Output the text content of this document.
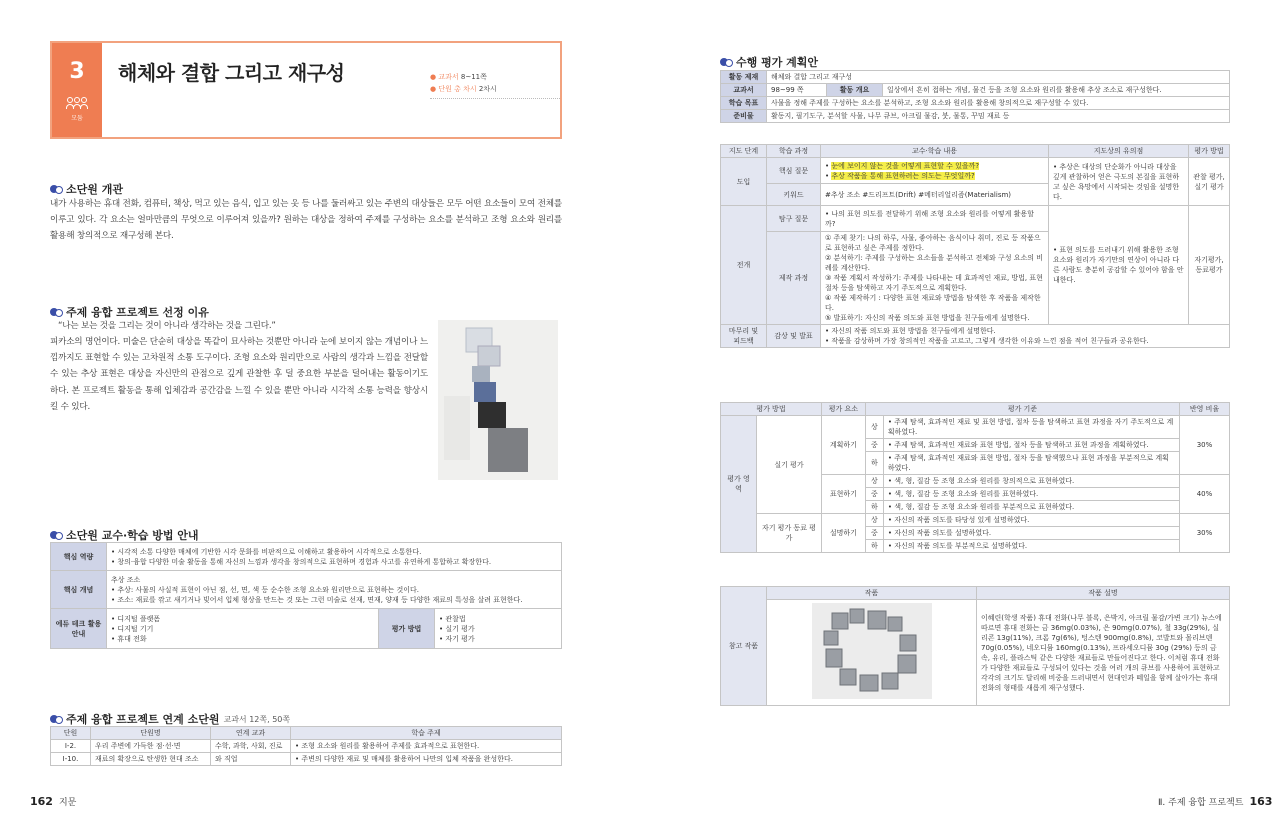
3
모둠
해체와 결합 그리고 재구성	● 교과서 8~11쪽
● 단원 총 차시 2차시
소단원 개관
내가 사용하는 휴대 전화, 컴퓨터, 책상, 먹고 있는 음식, 입고 있는 옷 등 나를 둘러싸고 있는 주변의 대상들은 모두 어떤 요소들이 모여 전체를 이루고 있다. 각 요소는 얼마만큼의 무엇으로 이루어져 있을까? 원하는 대상을 정하여 주제를 구성하는 요소를 분석하고 조형 요소와 원리를 활용해 창의적으로 재구성해 본다.
주제 융합 프로젝트 선정 이유
“나는 보는 것을 그리는 것이 아니라 생각하는 것을 그린다.”
피카소의 명언이다. 미술은 단순히 대상을 똑같이 묘사하는 것뿐만 아니라 눈에 보이지 않는 개념이나 느낌까지도 표현할 수 있는 고차원적 소통 도구이다. 조형 요소와 원리만으로 사람의 생각과 느낌을 전달할 수 있는 추상 표현은 대상을 자신만의 관점으로 깊게 관찰한 후 덜 중요한 부분을 덜어내는 활동이기도 하다. 본 프로젝트 활동을 통해 입체감과 공간감을 느낄 수 있을 뿐만 아니라 시각적 소통 능력을 향상시킬 수 있다.
소단원 교수·학습 방법 안내
핵심 역량	• 시각적 소통 다양한 매체에 기반한 시각 문화를 비판적으로 이해하고 활용하여 시각적으로 소통한다.
• 창의·융합 다양한 미술 활동을 통해 자신의 느낌과 생각을 창의적으로 표현하며 경험과 사고를 유연하게 통합하고 확장한다.		
핵심 개념	추상 조소
• 추상: 사물의 사실적 표현이 아닌 점, 선, 면, 색 등 순수한 조형 요소와 원리만으로 표현하는 것이다.
• 조소: 재료를 깎고 새기거나 빚어서 입체 형상을 만드는 것 또는 그런 미술로 선재, 면재, 양재 등 다양한 재료의 특성을 살려 표현한다.		
에듀 테크 활용 안내	• 디지털 플랫폼
• 디지털 기기
• 휴대 전화	평가 방법	• 관찰법
• 실기 평가
• 자기 평가
주제 융합 프로젝트 연계 소단원 교과서 12쪽, 50쪽
단원	단원명	연계 교과	학습 주제
Ⅰ-2.	우리 주변에 가득한 점·선·면	수학, 과학, 사회, 진로	• 조형 요소와 원리를 활용하여 주제를 효과적으로 표현한다.
Ⅰ-10.	재료의 확장으로 탄생한 현대 조소	와 직업	• 주변의 다양한 재료 및 매체를 활용하여 나만의 입체 작품을 완성한다.
162 지문
수행 평가 계획안
활동 제재	해체와 결합 그리고 재구성		
교과서	98~99 쪽	활동 개요	일상에서 흔히 접하는 개념, 물건 등을 조형 요소와 원리를 활용해 추상 조소로 재구성한다.
학습 목표	사물을 정해 주제를 구성하는 요소를 분석하고, 조형 요소와 원리를 활용해 창의적으로 재구성할 수 있다.		
준비물	활동지, 필기도구, 분석할 사물, 나무 큐브, 아크릴 물감, 붓, 물통, 꾸밈 재료 등		
지도 단계	학습 과정	교수·학습 내용	지도상의 유의점	평가 방법
도입	핵심 질문	• 눈에 보이지 않는 것을 어떻게 표현할 수 있을까?
• 추상 작품을 통해 표현하려는 의도는 무엇일까?	• 추상은 대상의 단순화가 아니라 대상을 깊게 관찰하여 얻은 극도의 본질을 표현하고 싶은 욕망에서 시작되는 것임을 설명한다.	관찰 평가, 실기 평가
	키워드	#추상 조소 #드리프트(Drift) #메터리얼리즘(Materialism)		
전개	탐구 질문	• 나의 표현 의도를 전달하기 위해 조형 요소와 원리를 어떻게 활용할까?	• 표현 의도를 드러내기 위해 활용한 조형 요소와 원리가 자기만의 연상이 아니라 다른 사람도 충분히 공감할 수 있어야 함을 안내한다.	자기평가, 동료평가
	제작 과정	① 주제 찾기: 나의 하루, 사물, 좋아하는 음식이나 취미, 진로 등 작품으로 표현하고 싶은 주제를 정한다.
② 분석하기: 주제를 구성하는 요소들을 분석하고 전체와 구성 요소의 비례를 계산한다.
③ 작품 계획서 작성하기: 주제를 나타내는 데 효과적인 재료, 방법, 표현 절차 등을 탐색하고 자기 주도적으로 계획한다.
④ 작품 제작하기 : 다양한 표현 재료와 방법을 탐색한 후 작품을 제작한다.
⑤ 발표하기: 자신의 작품 의도와 표현 방법을 친구들에게 설명한다.		
마무리 및 피드백	감상 및 발표	• 자신의 작품 의도와 표현 방법을 친구들에게 설명한다.
• 작품을 감상하며 가장 창의적인 작품을 고르고, 그렇게 생각한 이유와 느낀 점을 적어 친구들과 공유한다.		
평가 방법		평가 요소	평가 기준		반영 비율
평가 영역	실기 평가	계획하기	상	• 주제 탐색, 효과적인 재료 및 표현 방법, 절차 등을 탐색하고 표현 과정을 자기 주도적으로 계획하였다.	30%
			중	• 주제 탐색, 효과적인 재료와 표현 방법, 절차 등을 탐색하고 표현 과정을 계획하였다.	
			하	• 주제 탐색, 효과적인 재료와 표현 방법, 절차 등을 탐색했으나 표현 과정을 부분적으로 계획하였다.	
		표현하기	상	• 색, 형, 질감 등 조형 요소와 원리를 창의적으로 표현하였다.	40%
			중	• 색, 형, 질감 등 조형 요소와 원리를 표현하였다.	
			하	• 색, 형, 질감 등 조형 요소와 원리를 부분적으로 표현하였다.	
	자기 평가 동료 평가	설명하기	상	• 자신의 작품 의도를 타당성 있게 설명하였다.	30%
			중	• 자신의 작품 의도를 설명하였다.	
			하	• 자신의 작품 의도를 부분적으로 설명하였다.	
참고 작품	작품	작품 설명
	이혜린(학생 작품) 휴대 전화(나무 블록, 은박지, 아크릴 물감/가변 크기) 뉴스에 따르면 휴대 전화는 금 36mg(0.03%), 은 90mg(0.07%), 철 33g(29%), 실리콘 13g(11%), 크롬 7g(6%), 텅스텐 900mg(0.8%), 코발트와 몰리브덴 70g(0.05%), 네오디뮴 160mg(0.13%), 프라세오디뮴 30g (29%) 등의 금속, 유리, 플라스틱 같은 다양한 재료들로 만들어진다고 한다. 이처럼 휴대 전화가 다양한 재료들로 구성되어 있다는 것을 여러 개의 큐브를 사용하여 표현하고 각각의 크기도 달리해 비중을 드러내면서 현대인과 떼일을 함께 살아가는 휴대 전화의 형태를 새롭게 재구성했다.
Ⅱ. 주제 융합 프로젝트 163
